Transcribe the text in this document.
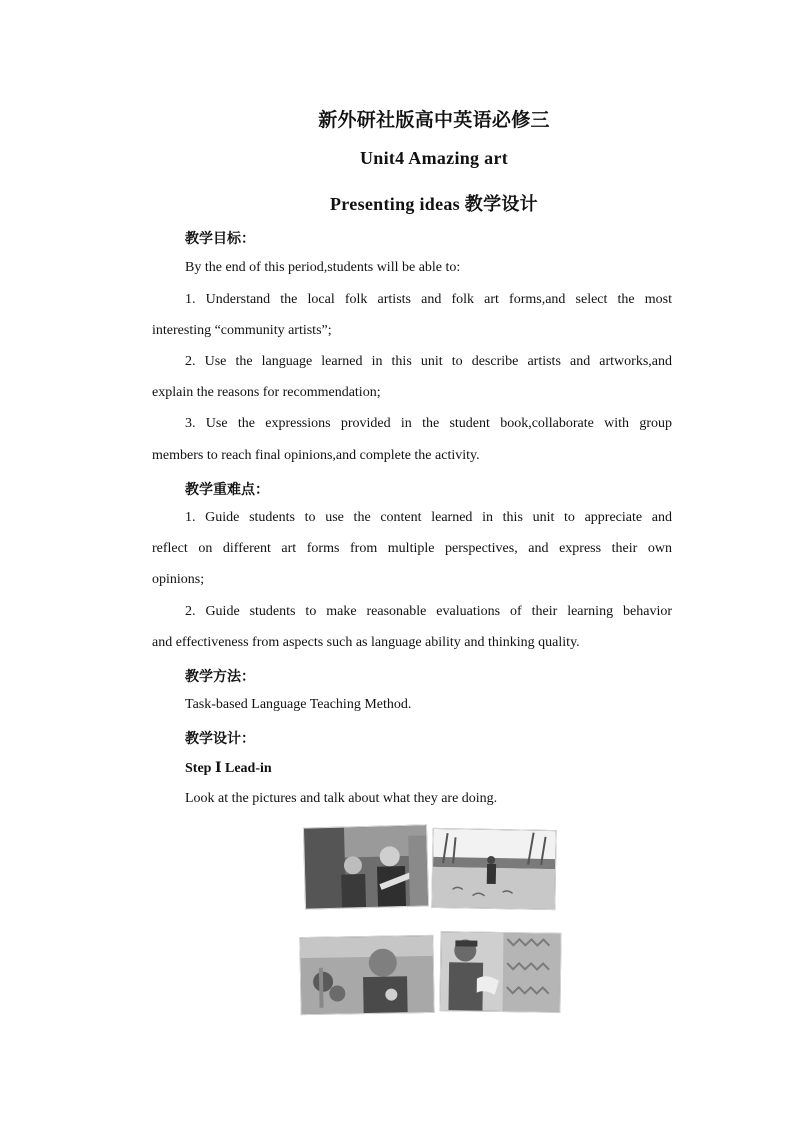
新外研社版高中英语必修三
Unit4 Amazing art
Presenting ideas 教学设计
教学目标：
By the end of this period,students will be able to:
1. Understand the local folk artists and folk art forms,and select the most
interesting “community artists”;
2. Use the language learned in this unit to describe artists and artworks,and
explain the reasons for recommendation;
3. Use the expressions provided in the student book,collaborate with group
members to reach final opinions,and complete the activity.
教学重难点：
1. Guide students to use the content learned in this unit to appreciate and
reflect on different art forms from multiple perspectives, and express their own
opinions;
2. Guide students to make reasonable evaluations of their learning behavior
and effectiveness from aspects such as language ability and thinking quality.
教学方法：
Task-based Language Teaching Method.
教学设计：
Step Ⅰ Lead-in
Look at the pictures and talk about what they are doing.
